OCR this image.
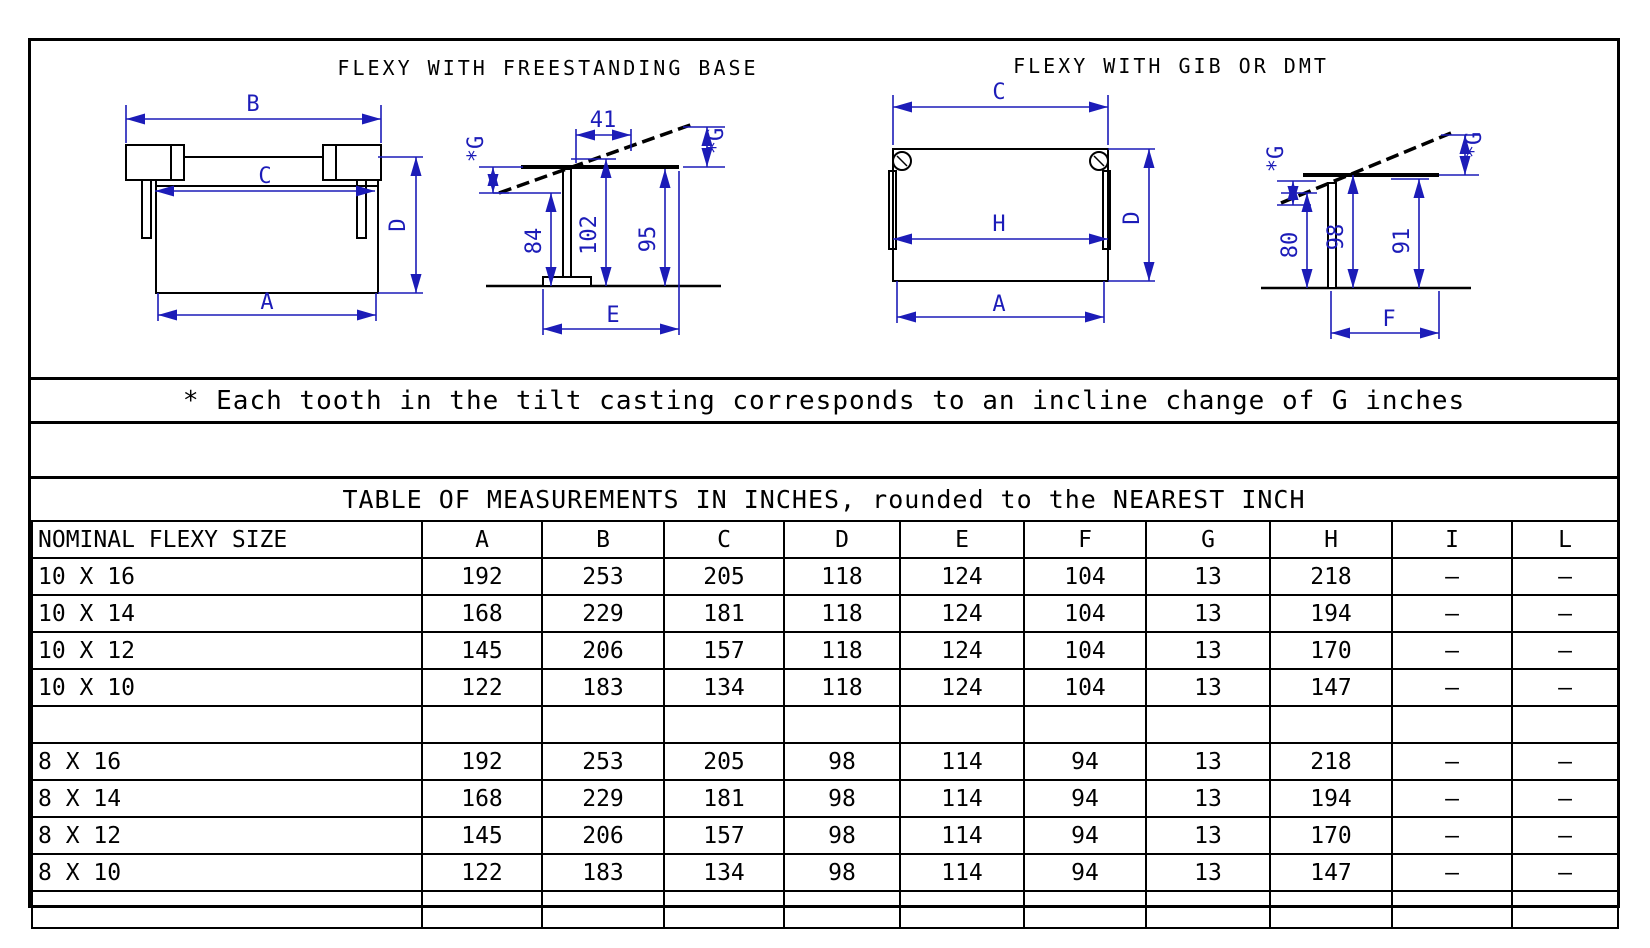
FLEXY WITH FREESTANDING BASE
B
C
D
A
41
*G	*G
84 102 95
E
FLEXY WITH GIB OR DMT
C
H	D
A
*G
*G
80 98 91
F
* Each tooth in the tilt casting corresponds to an incline change of G inches
TABLE OF MEASUREMENTS IN INCHES, rounded to the NEAREST INCH
NOMINAL FLEXY SIZE	A	B	C	D	E	F	G	H	I	L
10 X 16	192	253	205	118	124	104	13	218	–	–
10 X 14	168	229	181	118	124	104	13	194	–	–
10 X 12	145	206	157	118	124	104	13	170	–	–
10 X 10	122	183	134	118	124	104	13	147	–	–

8 X 16	192	253	205	98	114	94	13	218	–	–
8 X 14	168	229	181	98	114	94	13	194	–	–
8 X 12	145	206	157	98	114	94	13	170	–	–
8 X 10	122	183	134	98	114	94	13	147	–	–
